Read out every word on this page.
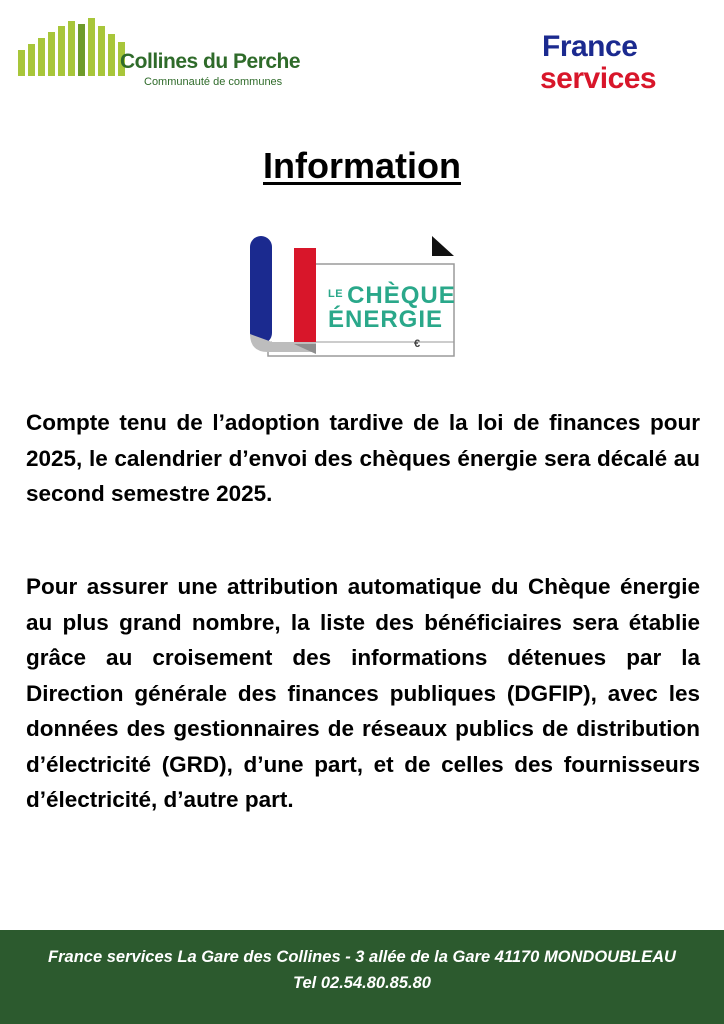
Collines du Perche
Communauté de communes
France
services
Information
$^{LE}$ CHÈQUE
ÉNERGIE
€

Compte tenu de l’adoption tardive de la loi de finances pour 2025, le calendrier d’envoi des chèques énergie sera décalé au second semestre 2025.

Pour assurer une attribution automatique du Chèque énergie au plus grand nombre, la liste des bénéficiaires sera établie grâce au croisement des informations détenues par la Direction générale des finances publiques (DGFIP), avec les données des gestionnaires de réseaux publics de distribution d’électricité (GRD), d’une part, et de celles des fournisseurs d’électricité, d’autre part.

France services La Gare des Collines - 3 allée de la Gare 41170 MONDOUBLEAU
Tel 02.54.80.85.80
